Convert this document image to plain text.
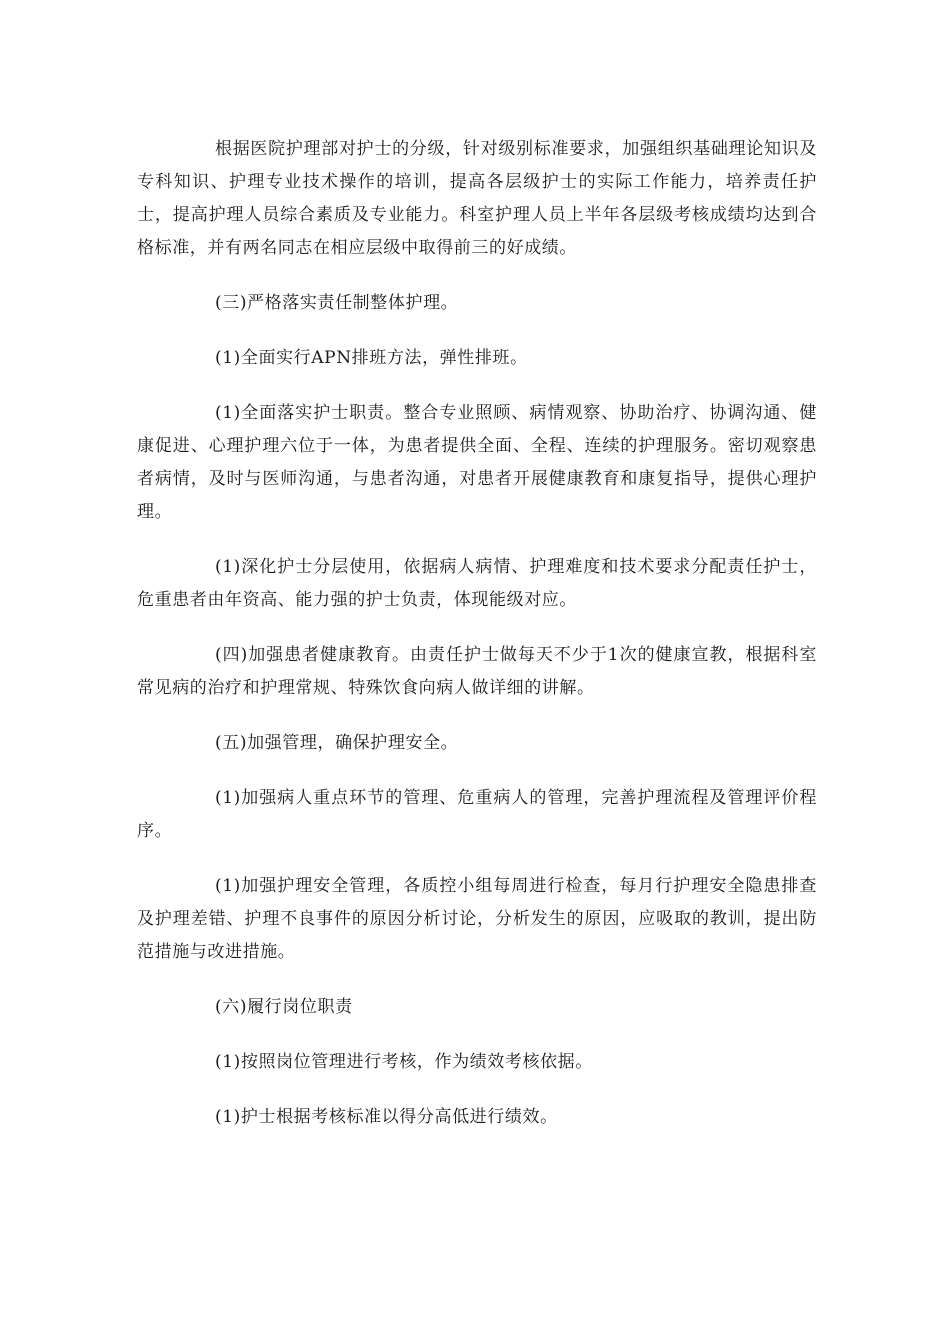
根据医院护理部对护士的分级，针对级别标准要求，加强组织基础理论知识及专科知识、护理专业技术操作的培训，提高各层级护士的实际工作能力，培养责任护士，提高护理人员综合素质及专业能力。科室护理人员上半年各层级考核成绩均达到合格标准，并有两名同志在相应层级中取得前三的好成绩。

(三)严格落实责任制整体护理。

(1)全面实行APN排班方法，弹性排班。

(1)全面落实护士职责。整合专业照顾、病情观察、协助治疗、协调沟通、健康促进、心理护理六位于一体，为患者提供全面、全程、连续的护理服务。密切观察患者病情，及时与医师沟通，与患者沟通，对患者开展健康教育和康复指导，提供心理护理。

(1)深化护士分层使用，依据病人病情、护理难度和技术要求分配责任护士，危重患者由年资高、能力强的护士负责，体现能级对应。

(四)加强患者健康教育。由责任护士做每天不少于1次的健康宣教，根据科室常见病的治疗和护理常规、特殊饮食向病人做详细的讲解。

(五)加强管理，确保护理安全。

(1)加强病人重点环节的管理、危重病人的管理，完善护理流程及管理评价程序。

(1)加强护理安全管理，各质控小组每周进行检查，每月行护理安全隐患排查及护理差错、护理不良事件的原因分析讨论，分析发生的原因，应吸取的教训，提出防范措施与改进措施。

(六)履行岗位职责

(1)按照岗位管理进行考核，作为绩效考核依据。

(1)护士根据考核标准以得分高低进行绩效。
